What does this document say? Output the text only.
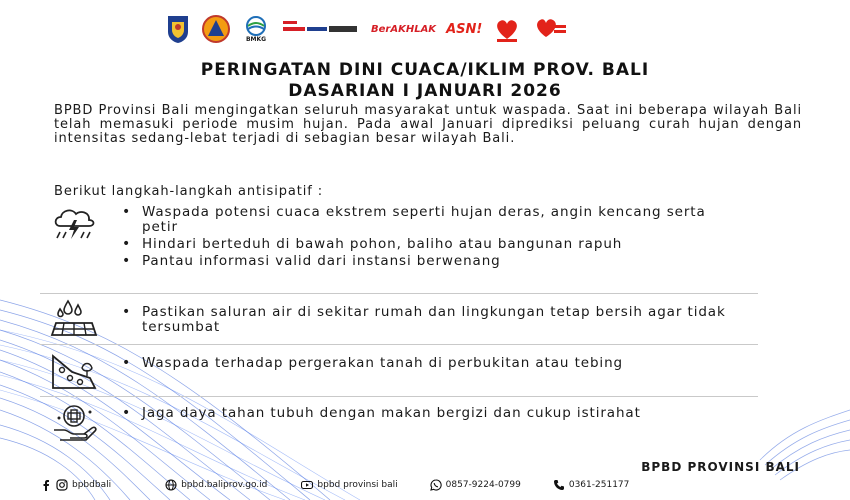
BMKG
BerAKHLAK ASN!
PERINGATAN DINI CUACA/IKLIM PROV. BALI
DASARIAN I JANUARI 2026
BPBD Provinsi Bali mengingatkan seluruh masyarakat untuk waspada. Saat ini beberapa wilayah Bali telah memasuki periode musim hujan. Pada awal Januari diprediksi peluang curah hujan dengan intensitas sedang-lebat terjadi di sebagian besar wilayah Bali.
Berikut langkah-langkah antisipatif :
• Waspada potensi cuaca ekstrem seperti hujan deras, angin kencang serta petir
• Hindari berteduh di bawah pohon, baliho atau bangunan rapuh
• Pantau informasi valid dari instansi berwenang
• Pastikan saluran air di sekitar rumah dan lingkungan tetap bersih agar tidak tersumbat
• Waspada terhadap pergerakan tanah di perbukitan atau tebing
• Jaga daya tahan tubuh dengan makan bergizi dan cukup istirahat
BPBD PROVINSI BALI
bpbdbali	bpbd.baliprov.go.id	bpbd provinsi bali	0857-9224-0799	0361-251177
